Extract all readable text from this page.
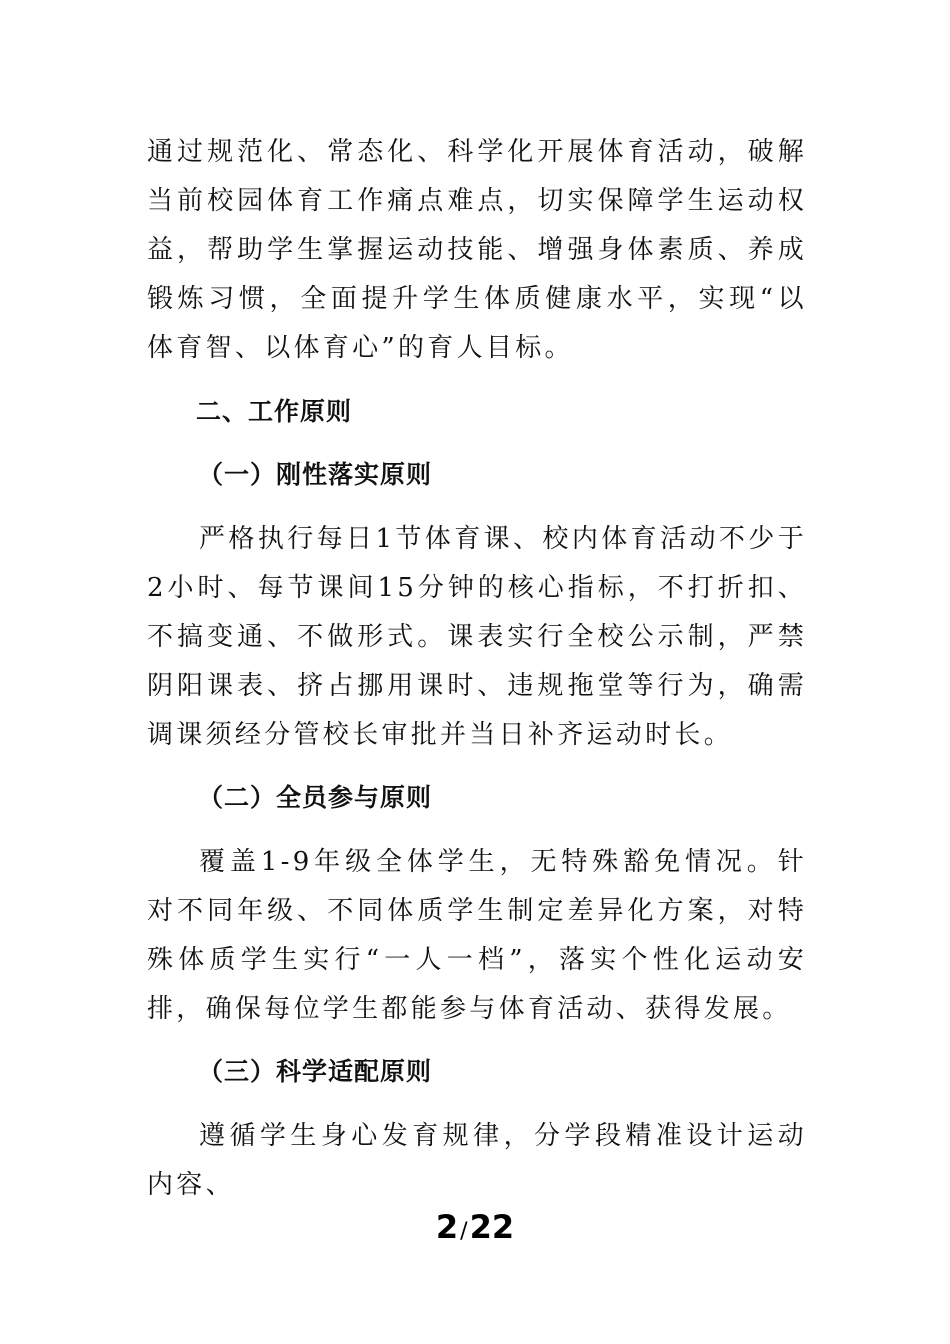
通过规范化、常态化、科学化开展体育活动，破解当前校园体育工作痛点难点，切实保障学生运动权益，帮助学生掌握运动技能、增强身体素质、养成锻炼习惯，全面提升学生体质健康水平，实现“以体育智、以体育心”的育人目标。

二、工作原则
（一）刚性落实原则

严格执行每日1节体育课、校内体育活动不少于2小时、每节课间15分钟的核心指标，不打折扣、不搞变通、不做形式。课表实行全校公示制，严禁阴阳课表、挤占挪用课时、违规拖堂等行为，确需调课须经分管校长审批并当日补齐运动时长。

（二）全员参与原则

覆盖1-9年级全体学生，无特殊豁免情况。针对不同年级、不同体质学生制定差异化方案，对特殊体质学生实行“一人一档”，落实个性化运动安排，确保每位学生都能参与体育活动、获得发展。

（三）科学适配原则

遵循学生身心发育规律，分学段精准设计运动内容、

2/22
